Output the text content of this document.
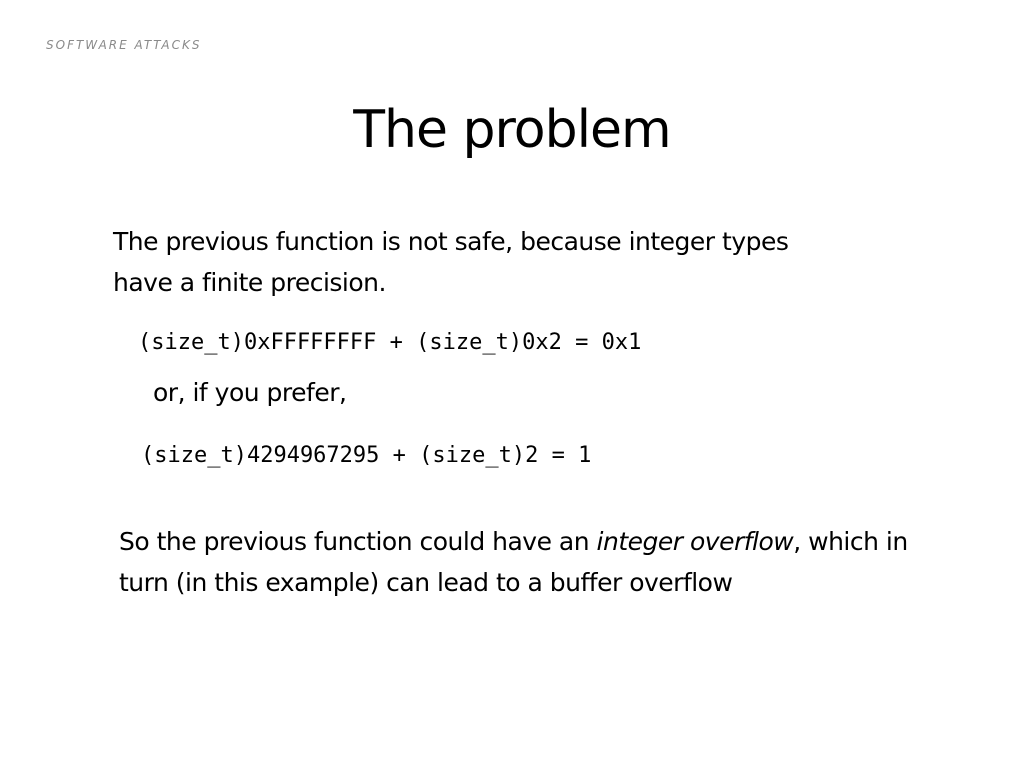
SOFTWARE ATTACKS
The problem
The previous function is not safe, because integer types have a finite precision.
(size_t)0xFFFFFFFF + (size_t)0x2 = 0x1
or, if you prefer,
(size_t)4294967295 + (size_t)2 = 1
So the previous function could have an integer overflow, which in turn (in this example) can lead to a buffer overflow
